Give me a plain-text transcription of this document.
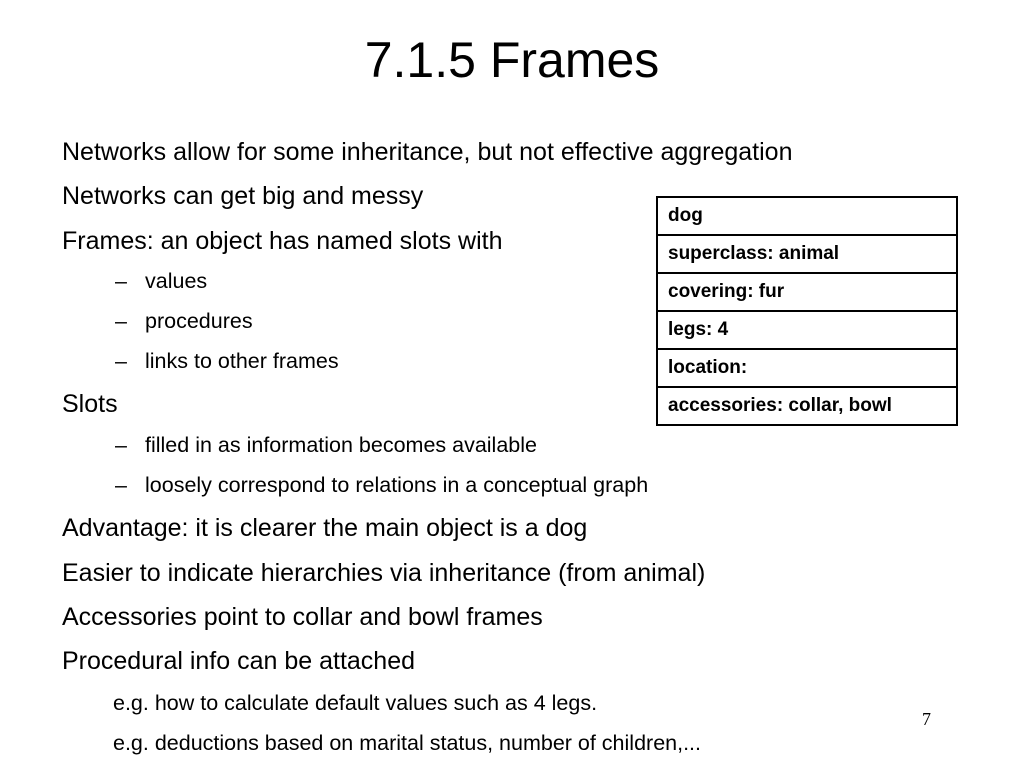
7.1.5 Frames
Networks allow for some inheritance, but not effective aggregation
Networks can get big and messy
Frames: an object has named slots with
– values
– procedures
– links to other frames
Slots
– filled in as information becomes available
– loosely correspond to relations in a conceptual graph
Advantage: it is clearer the main object is a dog
Easier to indicate hierarchies via inheritance (from animal)
Accessories point to collar and bowl frames
Procedural info can be attached
e.g. how to calculate default values such as 4 legs.
e.g. deductions based on marital status, number of children,...
dog
superclass: animal
covering: fur
legs: 4
location:
accessories: collar, bowl
7
